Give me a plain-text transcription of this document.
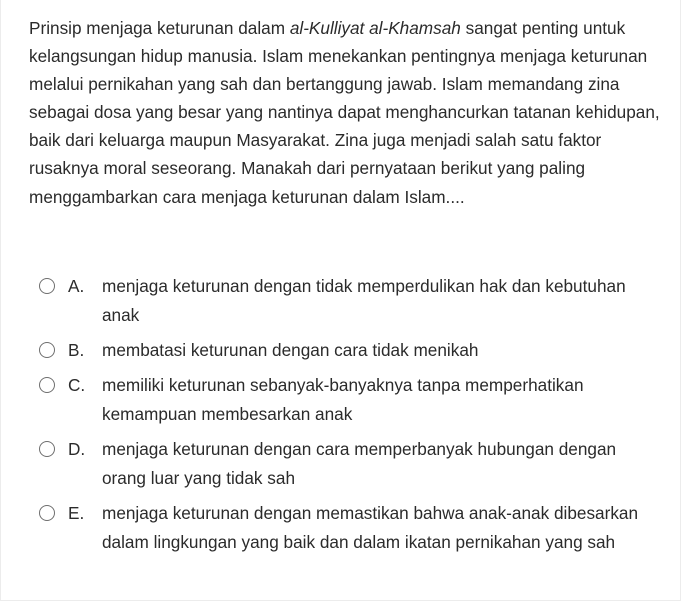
Prinsip menjaga keturunan dalam al-Kulliyat al-Khamsah sangat penting untuk kelangsungan hidup manusia. Islam menekankan pentingnya menjaga keturunan melalui pernikahan yang sah dan bertanggung jawab. Islam memandang zina sebagai dosa yang besar yang nantinya dapat menghancurkan tatanan kehidupan, baik dari keluarga maupun Masyarakat. Zina juga menjadi salah satu faktor rusaknya moral seseorang. Manakah dari pernyataan berikut yang paling menggambarkan cara menjaga keturunan dalam Islam....

A.	menjaga keturunan dengan tidak memperdulikan hak dan kebutuhan anak
B.	membatasi keturunan dengan cara tidak menikah
C. memiliki keturunan sebanyak-banyaknya tanpa memperhatikan kemampuan membesarkan anak
D. menjaga keturunan dengan cara memperbanyak hubungan dengan orang luar yang tidak sah
E.	menjaga keturunan dengan memastikan bahwa anak-anak dibesarkan dalam lingkungan yang baik dan dalam ikatan pernikahan yang sah
